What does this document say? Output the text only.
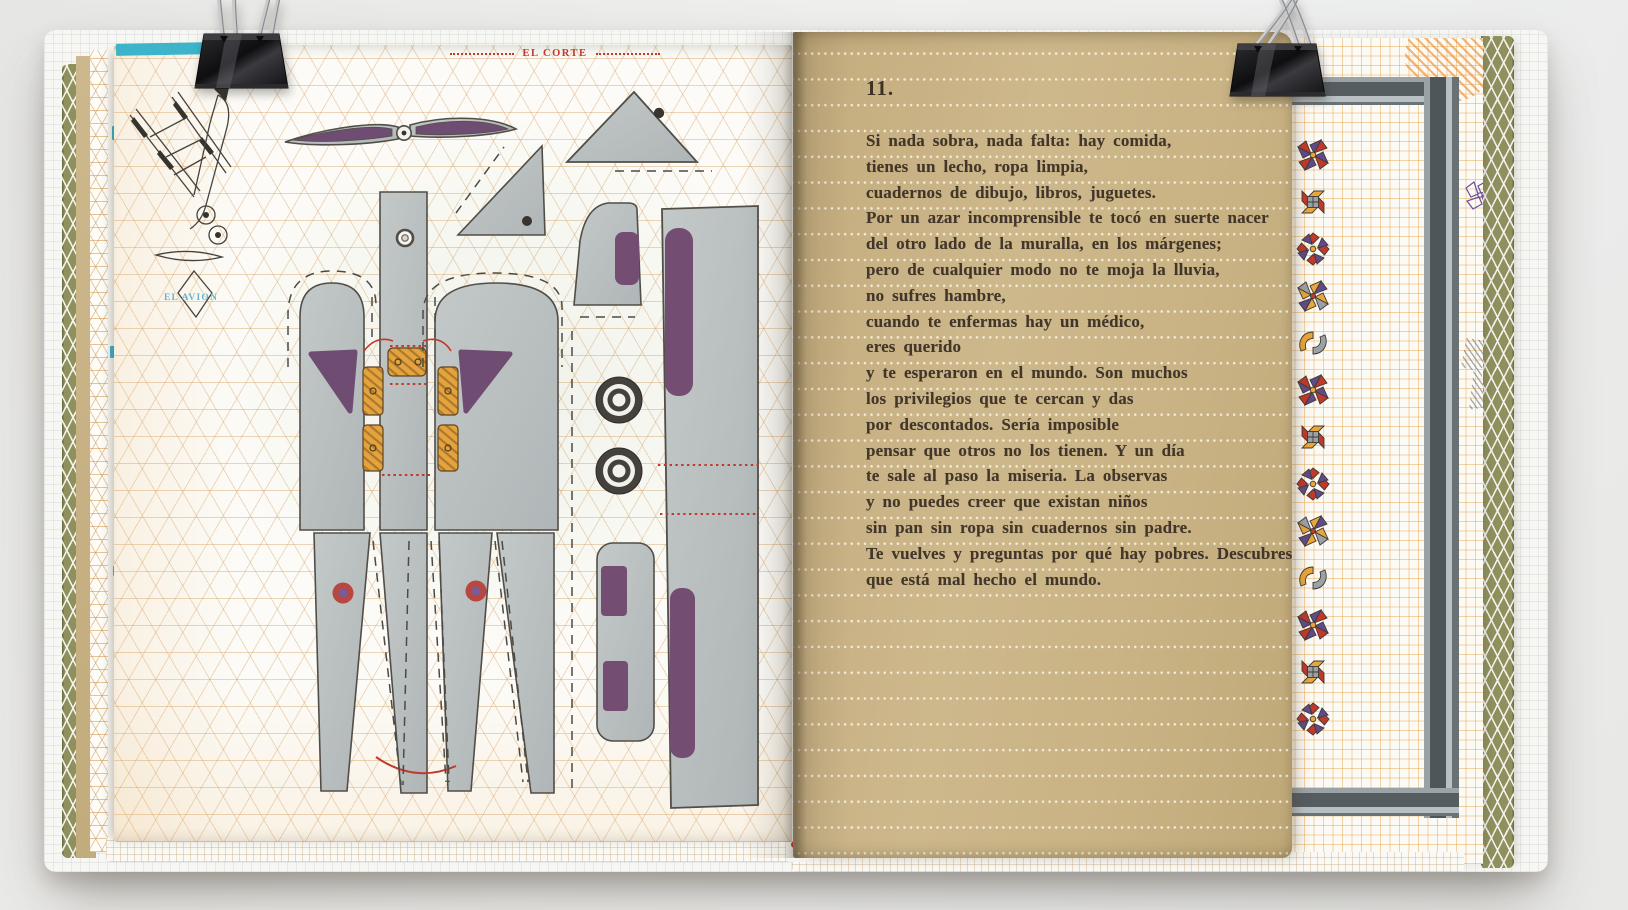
EL CORTE
EL AVION
11.
Si nada sobra, nada falta: hay comida,
tienes un lecho, ropa limpia,
cuadernos de dibujo, libros, juguetes.
Por un azar incomprensible te tocó en suerte nacer
del otro lado de la muralla, en los márgenes;
pero de cualquier modo no te moja la lluvia,
no sufres hambre,
cuando te enfermas hay un médico,
eres querido
y te esperaron en el mundo. Son muchos
los privilegios que te cercan y das
por descontados. Sería imposible
pensar que otros no los tienen. Y un día
te sale al paso la miseria. La observas
y no puedes creer que existan niños
sin pan sin ropa sin cuadernos sin padre.
Te vuelves y preguntas por qué hay pobres. Descubres
que está mal hecho el mundo.
